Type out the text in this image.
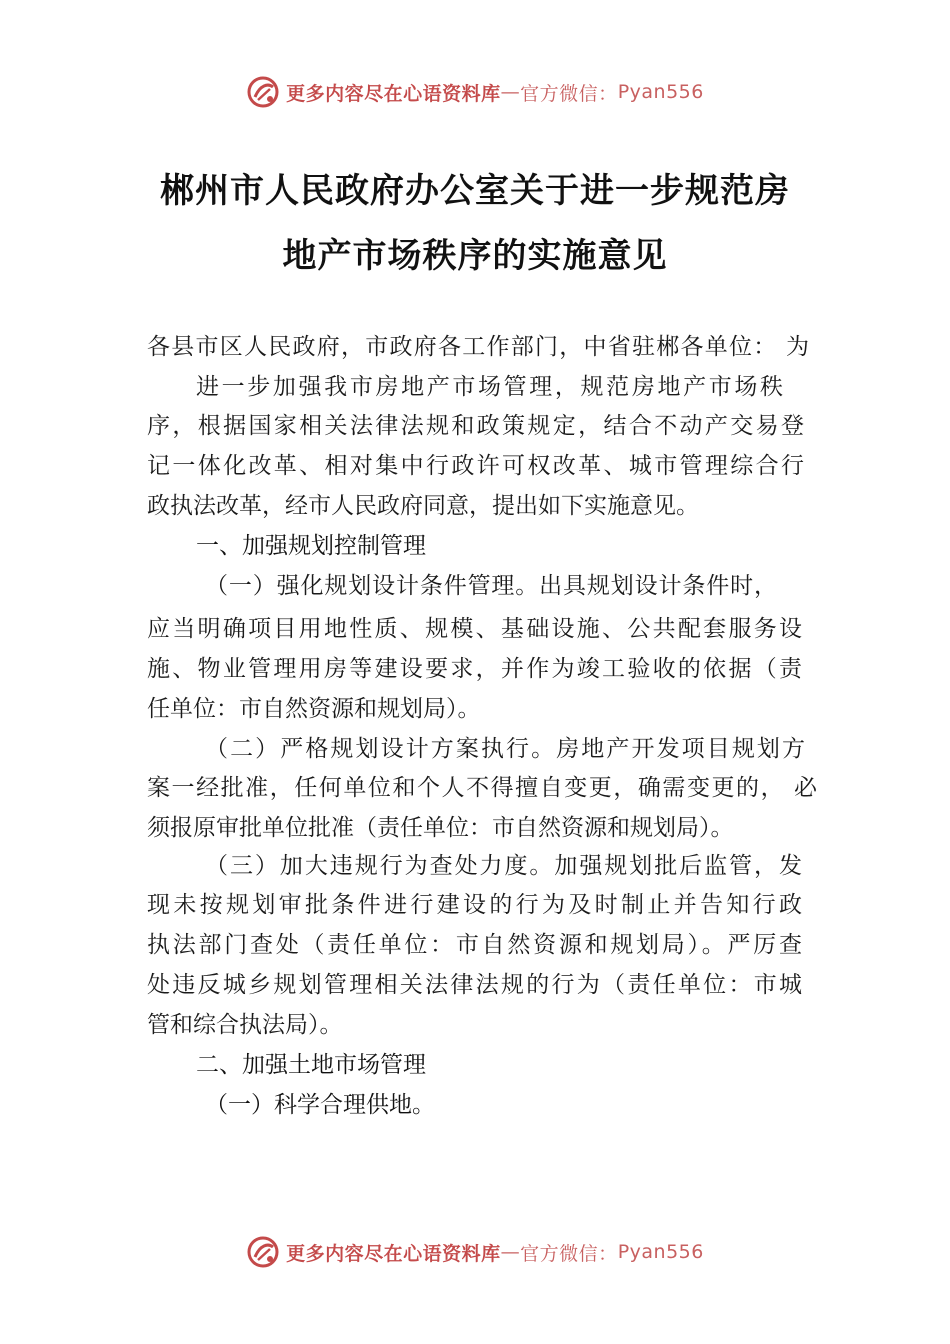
更多内容尽在心语资料库 — 官方微信： Pyan556
郴州市人民政府办公室关于进一步规范房
地产市场秩序的实施意见
各县市区人民政府，市政府各工作部门，中省驻郴各单位： 为
进一步加强我市房地产市场管理，规范房地产市场秩
序，根据国家相关法律法规和政策规定，结合不动产交易登
记一体化改革、相对集中行政许可权改革、城市管理综合行
政执法改革，经市人民政府同意，提出如下实施意见。
一、加强规划控制管理
（一）强化规划设计条件管理。出具规划设计条件时，
应当明确项目用地性质、规模、基础设施、公共配套服务设
施、物业管理用房等建设要求，并作为竣工验收的依据（责
任单位：市自然资源和规划局）。
（二）严格规划设计方案执行。房地产开发项目规划方
案一经批准，任何单位和个人不得擅自变更，确需变更的， 必
须报原审批单位批准（责任单位：市自然资源和规划局）。
（三）加大违规行为查处力度。加强规划批后监管，发
现未按规划审批条件进行建设的行为及时制止并告知行政
执法部门查处（责任单位：市自然资源和规划局）。严厉查
处违反城乡规划管理相关法律法规的行为（责任单位：市城
管和综合执法局）。
二、加强土地市场管理
（一）科学合理供地。
更多内容尽在心语资料库 — 官方微信： Pyan556
